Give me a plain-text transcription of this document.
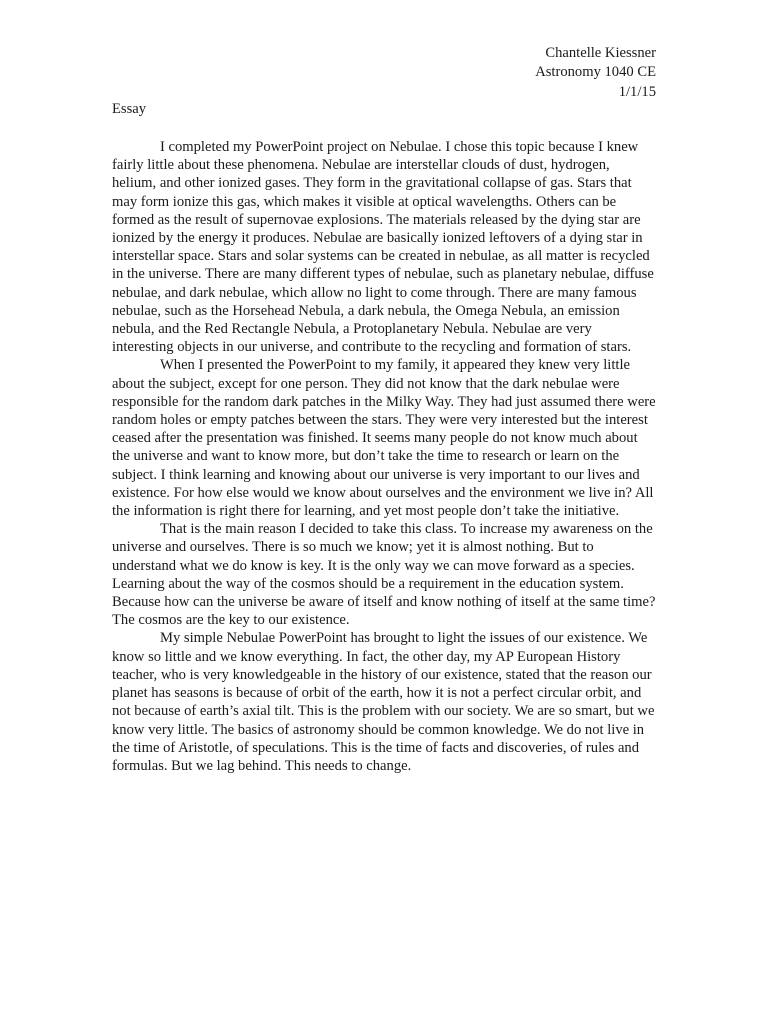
Chantelle Kiessner
Astronomy 1040 CE
1/1/15
Essay

I completed my PowerPoint project on Nebulae. I chose this topic because I knew fairly little about these phenomena. Nebulae are interstellar clouds of dust, hydrogen, helium, and other ionized gases. They form in the gravitational collapse of gas. Stars that may form ionize this gas, which makes it visible at optical wavelengths. Others can be formed as the result of supernovae explosions. The materials released by the dying star are ionized by the energy it produces. Nebulae are basically ionized leftovers of a dying star in interstellar space. Stars and solar systems can be created in nebulae, as all matter is recycled in the universe. There are many different types of nebulae, such as planetary nebulae, diffuse nebulae, and dark nebulae, which allow no light to come through. There are many famous nebulae, such as the Horsehead Nebula, a dark nebula, the Omega Nebula, an emission nebula, and the Red Rectangle Nebula, a Protoplanetary Nebula. Nebulae are very interesting objects in our universe, and contribute to the recycling and formation of stars.

When I presented the PowerPoint to my family, it appeared they knew very little about the subject, except for one person. They did not know that the dark nebulae were responsible for the random dark patches in the Milky Way. They had just assumed there were random holes or empty patches between the stars. They were very interested but the interest ceased after the presentation was finished. It seems many people do not know much about the universe and want to know more, but don’t take the time to research or learn on the subject. I think learning and knowing about our universe is very important to our lives and existence. For how else would we know about ourselves and the environment we live in? All the information is right there for learning, and yet most people don’t take the initiative.

That is the main reason I decided to take this class. To increase my awareness on the universe and ourselves. There is so much we know; yet it is almost nothing. But to understand what we do know is key. It is the only way we can move forward as a species. Learning about the way of the cosmos should be a requirement in the education system. Because how can the universe be aware of itself and know nothing of itself at the same time? The cosmos are the key to our existence.

My simple Nebulae PowerPoint has brought to light the issues of our existence. We know so little and we know everything. In fact, the other day, my AP European History teacher, who is very knowledgeable in the history of our existence, stated that the reason our planet has seasons is because of orbit of the earth, how it is not a perfect circular orbit, and not because of earth’s axial tilt. This is the problem with our society. We are so smart, but we know very little. The basics of astronomy should be common knowledge. We do not live in the time of Aristotle, of speculations. This is the time of facts and discoveries, of rules and formulas. But we lag behind. This needs to change.
